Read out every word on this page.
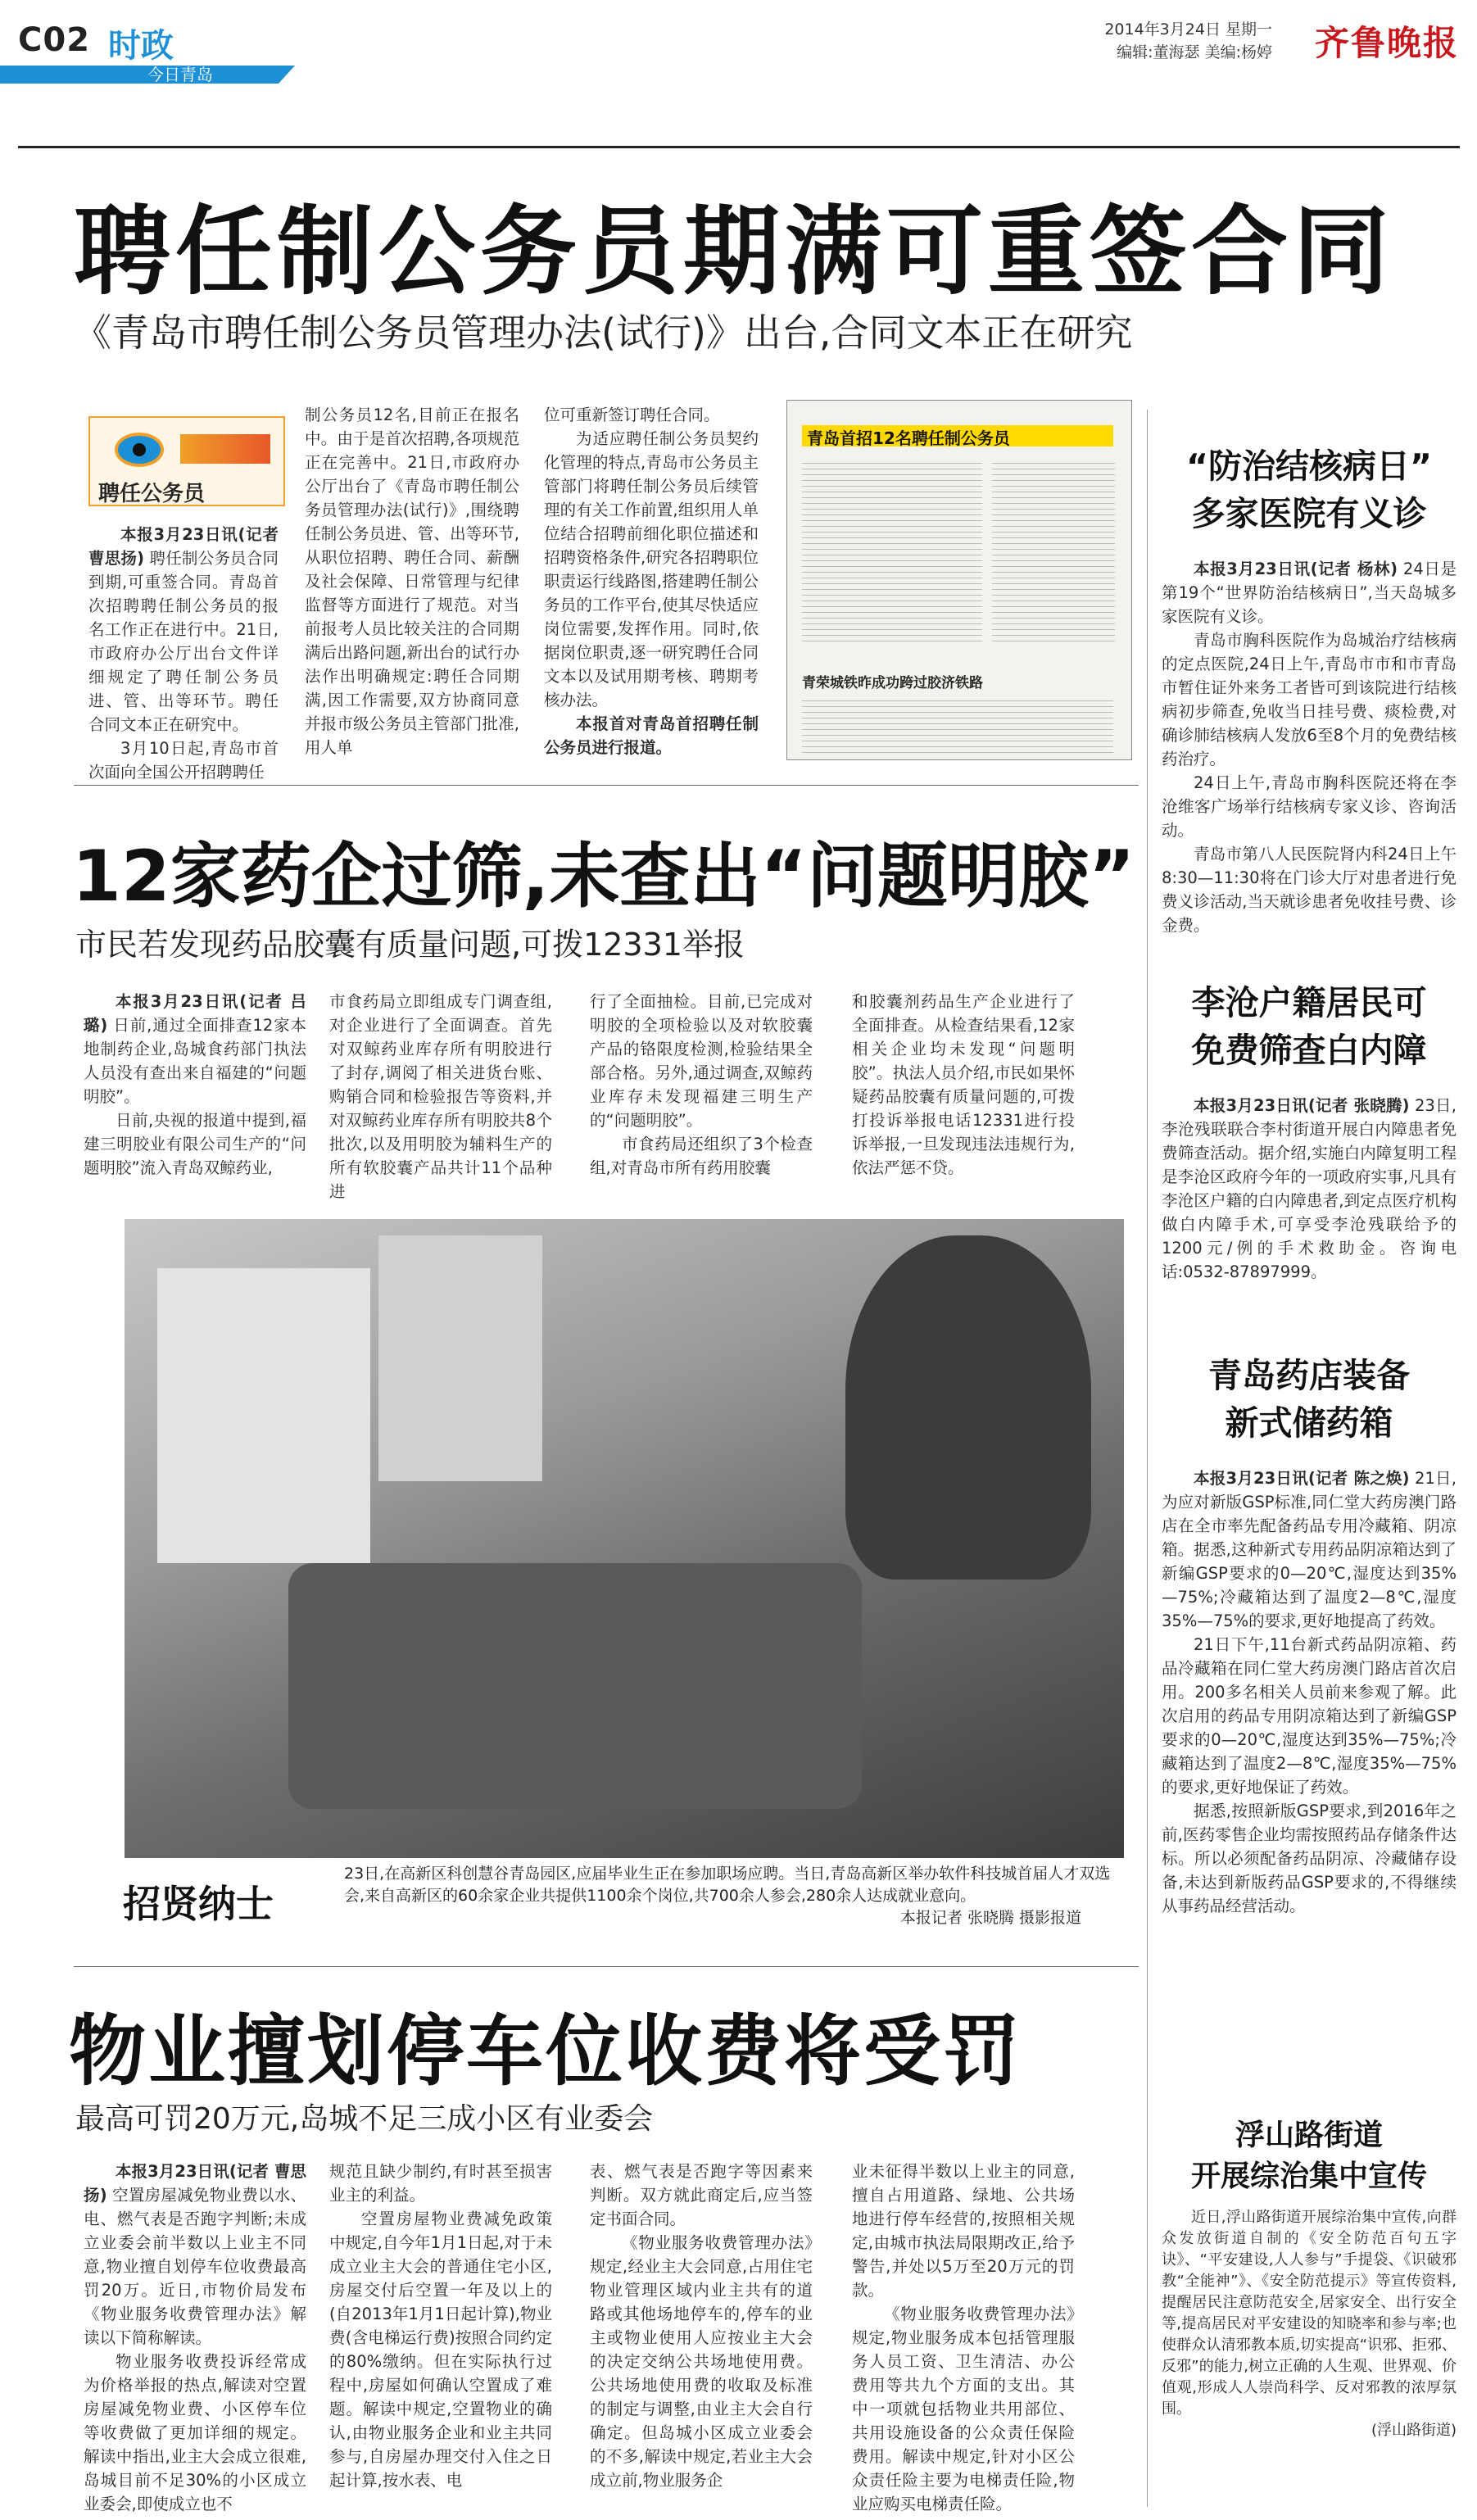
C02 时政
今日青岛
2014年3月24日 星期一
编辑:董海瑟 美编:杨婷 齐鲁晚报
聘任制公务员期满可重签合同
《青岛市聘任制公务员管理办法(试行)》出台,合同文本正在研究
聘任公务员

本报3月23日讯(记者 曹思扬) 聘任制公务员合同到期,可重签合同。青岛首次招聘聘任制公务员的报名工作正在进行中。21日,市政府办公厅出台文件详细规定了聘任制公务员进、管、出等环节。聘任合同文本正在研究中。

3月10日起,青岛市首次面向全国公开招聘聘任

制公务员12名,目前正在报名中。由于是首次招聘,各项规范正在完善中。21日,市政府办公厅出台了《青岛市聘任制公务员管理办法(试行)》,围绕聘任制公务员进、管、出等环节,从职位招聘、聘任合同、薪酬及社会保障、日常管理与纪律监督等方面进行了规范。对当前报考人员比较关注的合同期满后出路问题,新出台的试行办法作出明确规定:聘任合同期满,因工作需要,双方协商同意并报市级公务员主管部门批准,用人单

位可重新签订聘任合同。

为适应聘任制公务员契约化管理的特点,青岛市公务员主管部门将聘任制公务员后续管理的有关工作前置,组织用人单位结合招聘前细化职位描述和招聘资格条件,研究各招聘职位职责运行线路图,搭建聘任制公务员的工作平台,使其尽快适应岗位需要,发挥作用。同时,依据岗位职责,逐一研究聘任合同文本以及试用期考核、聘期考核办法。

本报首对青岛首招聘任制公务员进行报道。

青岛首招12名聘任制公务员
青荣城铁昨成功跨过胶济铁路
12家药企过筛,未查出“问题明胶”
市民若发现药品胶囊有质量问题,可拨12331举报

本报3月23日讯(记者 吕璐) 日前,通过全面排查12家本地制药企业,岛城食药部门执法人员没有查出来自福建的“问题明胶”。

日前,央视的报道中提到,福建三明胶业有限公司生产的“问题明胶”流入青岛双鲸药业,

市食药局立即组成专门调查组,对企业进行了全面调查。首先对双鲸药业库存所有明胶进行了封存,调阅了相关进货台账、购销合同和检验报告等资料,并对双鲸药业库存所有明胶共8个批次,以及用明胶为辅料生产的所有软胶囊产品共计11个品种进

行了全面抽检。目前,已完成对明胶的全项检验以及对软胶囊产品的铬限度检测,检验结果全部合格。另外,通过调查,双鲸药业库存未发现福建三明生产的“问题明胶”。

市食药局还组织了3个检查组,对青岛市所有药用胶囊

和胶囊剂药品生产企业进行了全面排查。从检查结果看,12家相关企业均未发现“问题明胶”。执法人员介绍,市民如果怀疑药品胶囊有质量问题的,可拨打投诉举报电话12331进行投诉举报,一旦发现违法违规行为,依法严惩不贷。

招贤纳士
23日,在高新区科创慧谷青岛园区,应届毕业生正在参加职场应聘。当日,青岛高新区举办软件科技城首届人才双选会,来自高新区的60余家企业共提供1100余个岗位,共700余人参会,280余人达成就业意向。
本报记者 张晓腾 摄影报道
物业擅划停车位收费将受罚
最高可罚20万元,岛城不足三成小区有业委会

本报3月23日讯(记者 曹思扬) 空置房屋减免物业费以水、电、燃气表是否跑字判断;未成立业委会前半数以上业主不同意,物业擅自划停车位收费最高罚20万。近日,市物价局发布《物业服务收费管理办法》解读以下简称解读。

物业服务收费投诉经常成为价格举报的热点,解读对空置房屋减免物业费、小区停车位等收费做了更加详细的规定。解读中指出,业主大会成立很难,岛城目前不足30%的小区成立业委会,即使成立也不

规范且缺少制约,有时甚至损害业主的利益。

空置房屋物业费减免政策中规定,自今年1月1日起,对于未成立业主大会的普通住宅小区,房屋交付后空置一年及以上的(自2013年1月1日起计算),物业费(含电梯运行费)按照合同约定的80%缴纳。但在实际执行过程中,房屋如何确认空置成了难题。解读中规定,空置物业的确认,由物业服务企业和业主共同参与,自房屋办理交付入住之日起计算,按水表、电

表、燃气表是否跑字等因素来判断。双方就此商定后,应当签定书面合同。

《物业服务收费管理办法》规定,经业主大会同意,占用住宅物业管理区域内业主共有的道路或其他场地停车的,停车的业主或物业使用人应按业主大会的决定交纳公共场地使用费。公共场地使用费的收取及标准的制定与调整,由业主大会自行确定。但岛城小区成立业委会的不多,解读中规定,若业主大会成立前,物业服务企

业未征得半数以上业主的同意,擅自占用道路、绿地、公共场地进行停车经营的,按照相关规定,由城市执法局限期改正,给予警告,并处以5万至20万元的罚款。

《物业服务收费管理办法》规定,物业服务成本包括管理服务人员工资、卫生清洁、办公费用等共九个方面的支出。其中一项就包括物业共用部位、共用设施设备的公众责任保险费用。解读中规定,针对小区公众责任险主要为电梯责任险,物业应购买电梯责任险。

“防治结核病日”
多家医院有义诊

本报3月23日讯(记者 杨林) 24日是第19个“世界防治结核病日”,当天岛城多家医院有义诊。

青岛市胸科医院作为岛城治疗结核病的定点医院,24日上午,青岛市市和市青岛市暂住证外来务工者皆可到该院进行结核病初步筛查,免收当日挂号费、痰检费,对确诊肺结核病人发放6至8个月的免费结核药治疗。

24日上午,青岛市胸科医院还将在李沧维客广场举行结核病专家义诊、咨询活动。

青岛市第八人民医院肾内科24日上午8:30—11:30将在门诊大厅对患者进行免费义诊活动,当天就诊患者免收挂号费、诊金费。

李沧户籍居民可
免费筛查白内障

本报3月23日讯(记者 张晓腾) 23日,李沧残联联合李村街道开展白内障患者免费筛查活动。据介绍,实施白内障复明工程是李沧区政府今年的一项政府实事,凡具有李沧区户籍的白内障患者,到定点医疗机构做白内障手术,可享受李沧残联给予的1200元/例的手术救助金。咨询电话:0532-87897999。

青岛药店装备
新式储药箱

本报3月23日讯(记者 陈之焕) 21日,为应对新版GSP标准,同仁堂大药房澳门路店在全市率先配备药品专用冷藏箱、阴凉箱。据悉,这种新式专用药品阴凉箱达到了新编GSP要求的0—20℃,湿度达到35%—75%;冷藏箱达到了温度2—8℃,湿度35%—75%的要求,更好地提高了药效。

21日下午,11台新式药品阴凉箱、药品冷藏箱在同仁堂大药房澳门路店首次启用。200多名相关人员前来参观了解。此次启用的药品专用阴凉箱达到了新编GSP要求的0—20℃,湿度达到35%—75%;冷藏箱达到了温度2—8℃,湿度35%—75%的要求,更好地保证了药效。

据悉,按照新版GSP要求,到2016年之前,医药零售企业均需按照药品存储条件达标。所以必须配备药品阴凉、冷藏储存设备,未达到新版药品GSP要求的,不得继续从事药品经营活动。

浮山路街道
开展综治集中宣传

近日,浮山路街道开展综治集中宣传,向群众发放街道自制的《安全防范百句五字诀》、“平安建设,人人参与”手提袋、《识破邪教“全能神”》、《安全防范提示》等宣传资料,提醒居民注意防范安全,居家安全、出行安全等,提高居民对平安建设的知晓率和参与率;也使群众认清邪教本质,切实提高“识邪、拒邪、反邪”的能力,树立正确的人生观、世界观、价值观,形成人人崇尚科学、反对邪教的浓厚氛围。

(浮山路街道)
